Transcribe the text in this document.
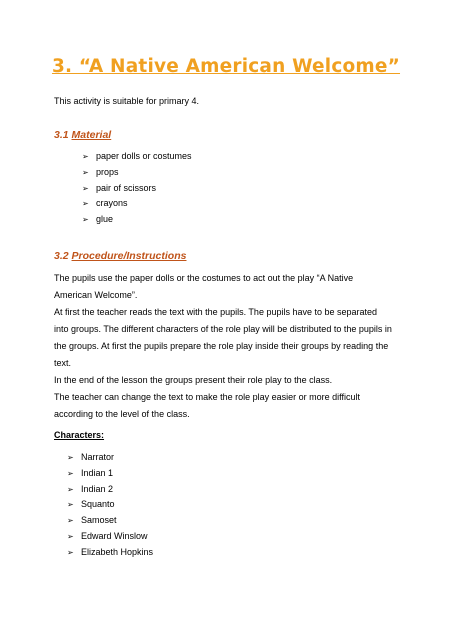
3. “A Native American Welcome”
This activity is suitable for primary 4.
3.1 Material
➢ paper dolls or costumes
➢ props
➢ pair of scissors
➢ crayons
➢ glue
3.2 Procedure/Instructions

The pupils use the paper dolls or the costumes to act out the play “A Native

American Welcome”.

At first the teacher reads the text with the pupils. The pupils have to be separated

into groups. The different characters of the role play will be distributed to the pupils in

the groups. At first the pupils prepare the role play inside their groups by reading the

text.

In the end of the lesson the groups present their role play to the class.

The teacher can change the text to make the role play easier or more difficult

according to the level of the class.

Characters:
➢ Narrator
➢ Indian 1
➢ Indian 2
➢ Squanto
➢ Samoset
➢ Edward Winslow
➢ Elizabeth Hopkins
